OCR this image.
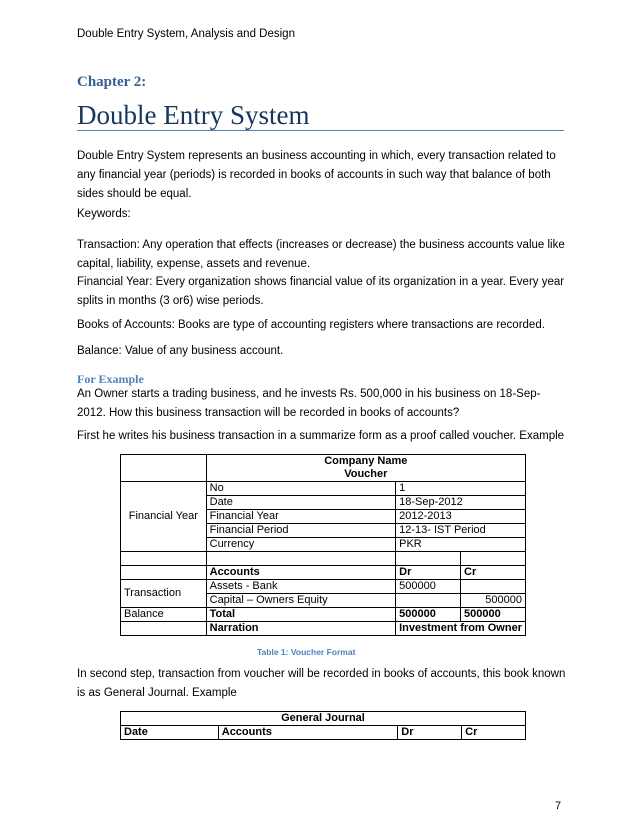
Double Entry System, Analysis and Design
Chapter 2:
Double Entry System
Double Entry System represents an business accounting in which, every transaction related to any financial year (periods) is recorded in books of accounts in such way that balance of both sides should be equal.
Keywords:
Transaction: Any operation that effects (increases or decrease) the business accounts value like capital, liability, expense, assets and revenue.
Financial Year: Every organization shows financial value of its organization in a year. Every year splits in months (3 or6) wise periods.
Books of Accounts: Books are type of accounting registers where transactions are recorded.
Balance: Value of any business account.
For Example
An Owner starts a trading business, and he invests Rs. 500,000 in his business on 18-Sep-2012. How this business transaction will be recorded in books of accounts?
First he writes his business transaction in a summarize form as a proof called voucher. Example
	Company Name		
	Voucher		
Financial Year	No	1	
	Date	18-Sep-2012	
	Financial Year	2012-2013	
	Financial Period	12-13- IST Period	
	Currency	PKR	

	Accounts	Dr	Cr
Transaction	Assets - Bank	500000	
	Capital – Owners Equity		500000
Balance	Total	500000	500000
	Narration	Investment from Owner	
Table 1: Voucher Format
In second step, transaction from voucher will be recorded in books of accounts, this book known is as General Journal. Example
General Journal
Date	Accounts	Dr	Cr
7
